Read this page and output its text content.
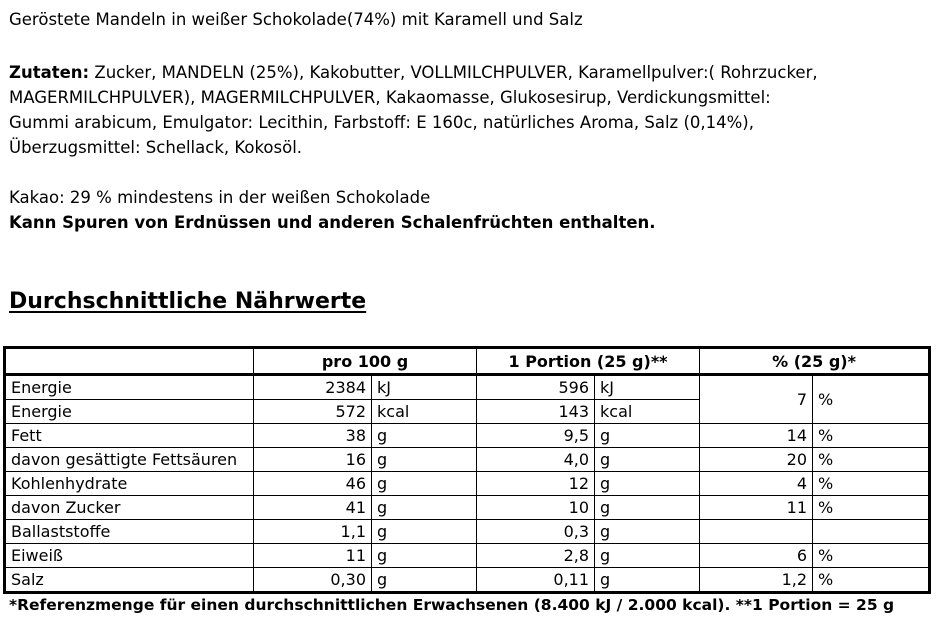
Geröstete Mandeln in weißer Schokolade(74%) mit Karamell und Salz
Zutaten: Zucker, MANDELN (25%), Kakobutter, VOLLMILCHPULVER, Karamellpulver:( Rohrzucker,
MAGERMILCHPULVER), MAGERMILCHPULVER, Kakaomasse, Glukosesirup, Verdickungsmittel:
Gummi arabicum, Emulgator: Lecithin, Farbstoff: E 160c, natürliches Aroma, Salz (0,14%),
Überzugsmittel: Schellack, Kokosöl.
Kakao: 29 % mindestens in der weißen Schokolade
Kann Spuren von Erdnüssen und anderen Schalenfrüchten enthalten.
Durchschnittliche Nährwerte
	pro 100 g		1 Portion (25 g)**		% (25 g)*	
Energie	2384	kJ	596	kJ	7	%
Energie	572	kcal	143	kcal		
Fett	38	g	9,5	g	14	%
davon gesättigte Fettsäuren	16	g	4,0	g	20	%
Kohlenhydrate	46	g	12	g	4	%
davon Zucker	41	g	10	g	11	%
Ballaststoffe	1,1	g	0,3	g		
Eiweiß	11	g	2,8	g	6	%
Salz	0,30	g	0,11	g	1,2	%
*Referenzmenge für einen durchschnittlichen Erwachsenen (8.400 kJ / 2.000 kcal). **1 Portion = 25 g
